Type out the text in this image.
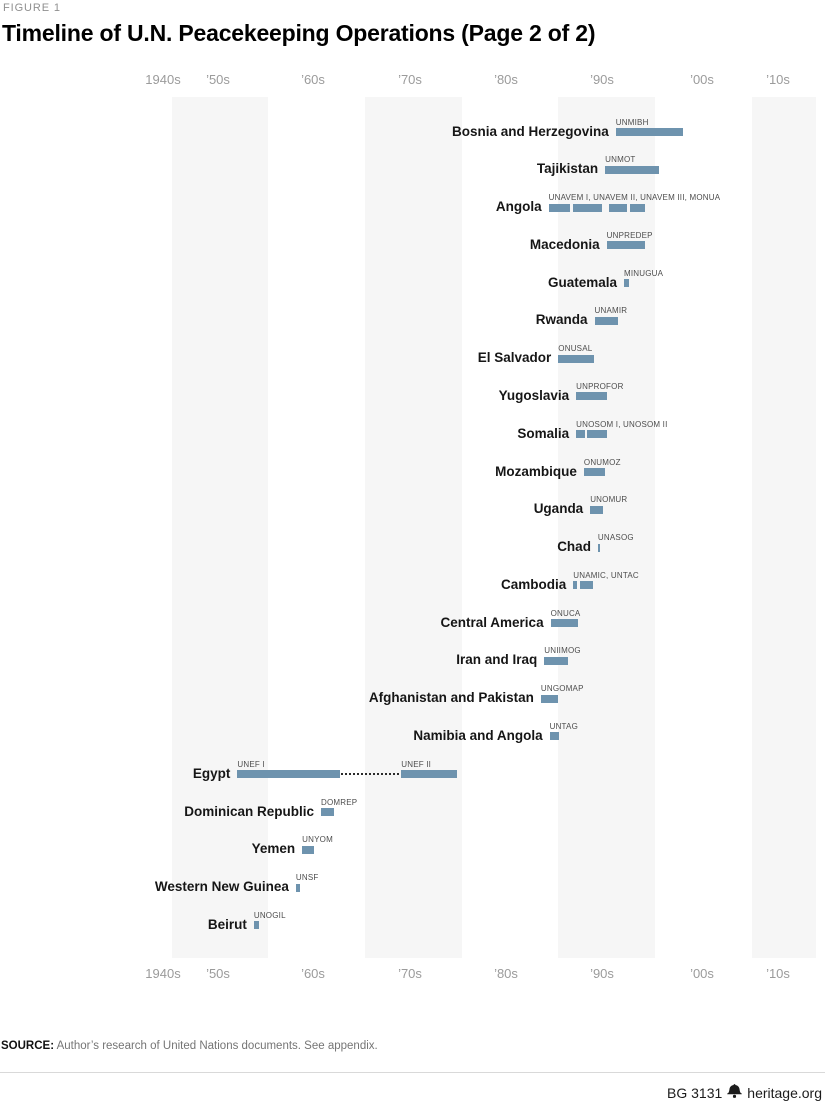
FIGURE 1
Timeline of U.N. Peacekeeping Operations (Page 2 of 2)
1940s	’50s	’60s	’70s	’80s	’90s	’00s	’10s
1940s	’50s	’60s	’70s	’80s	’90s	’00s	’10s
Bosnia and Herzegovina
UNMIBH
Tajikistan
UNMOT
Angola
UNAVEM I, UNAVEM II, UNAVEM III, MONUA
Macedonia
UNPREDEP
Guatemala
MINUGUA
Rwanda
UNAMIR
El Salvador
ONUSAL
Yugoslavia
UNPROFOR
Somalia
UNOSOM I, UNOSOM II
Mozambique
ONUMOZ
Uganda
UNOMUR
Chad
UNASOG
Cambodia
UNAMIC, UNTAC
Central America
ONUCA
Iran and Iraq
UNIIMOG
Afghanistan and Pakistan
UNGOMAP
Namibia and Angola
UNTAG
Egypt
UNEF I	UNEF II
Dominican Republic
DOMREP
Yemen
UNYOM
Western New Guinea
UNSF
Beirut
UNOGIL
SOURCE: Author’s research of United Nations documents. See appendix.
BG 3131 heritage.org
